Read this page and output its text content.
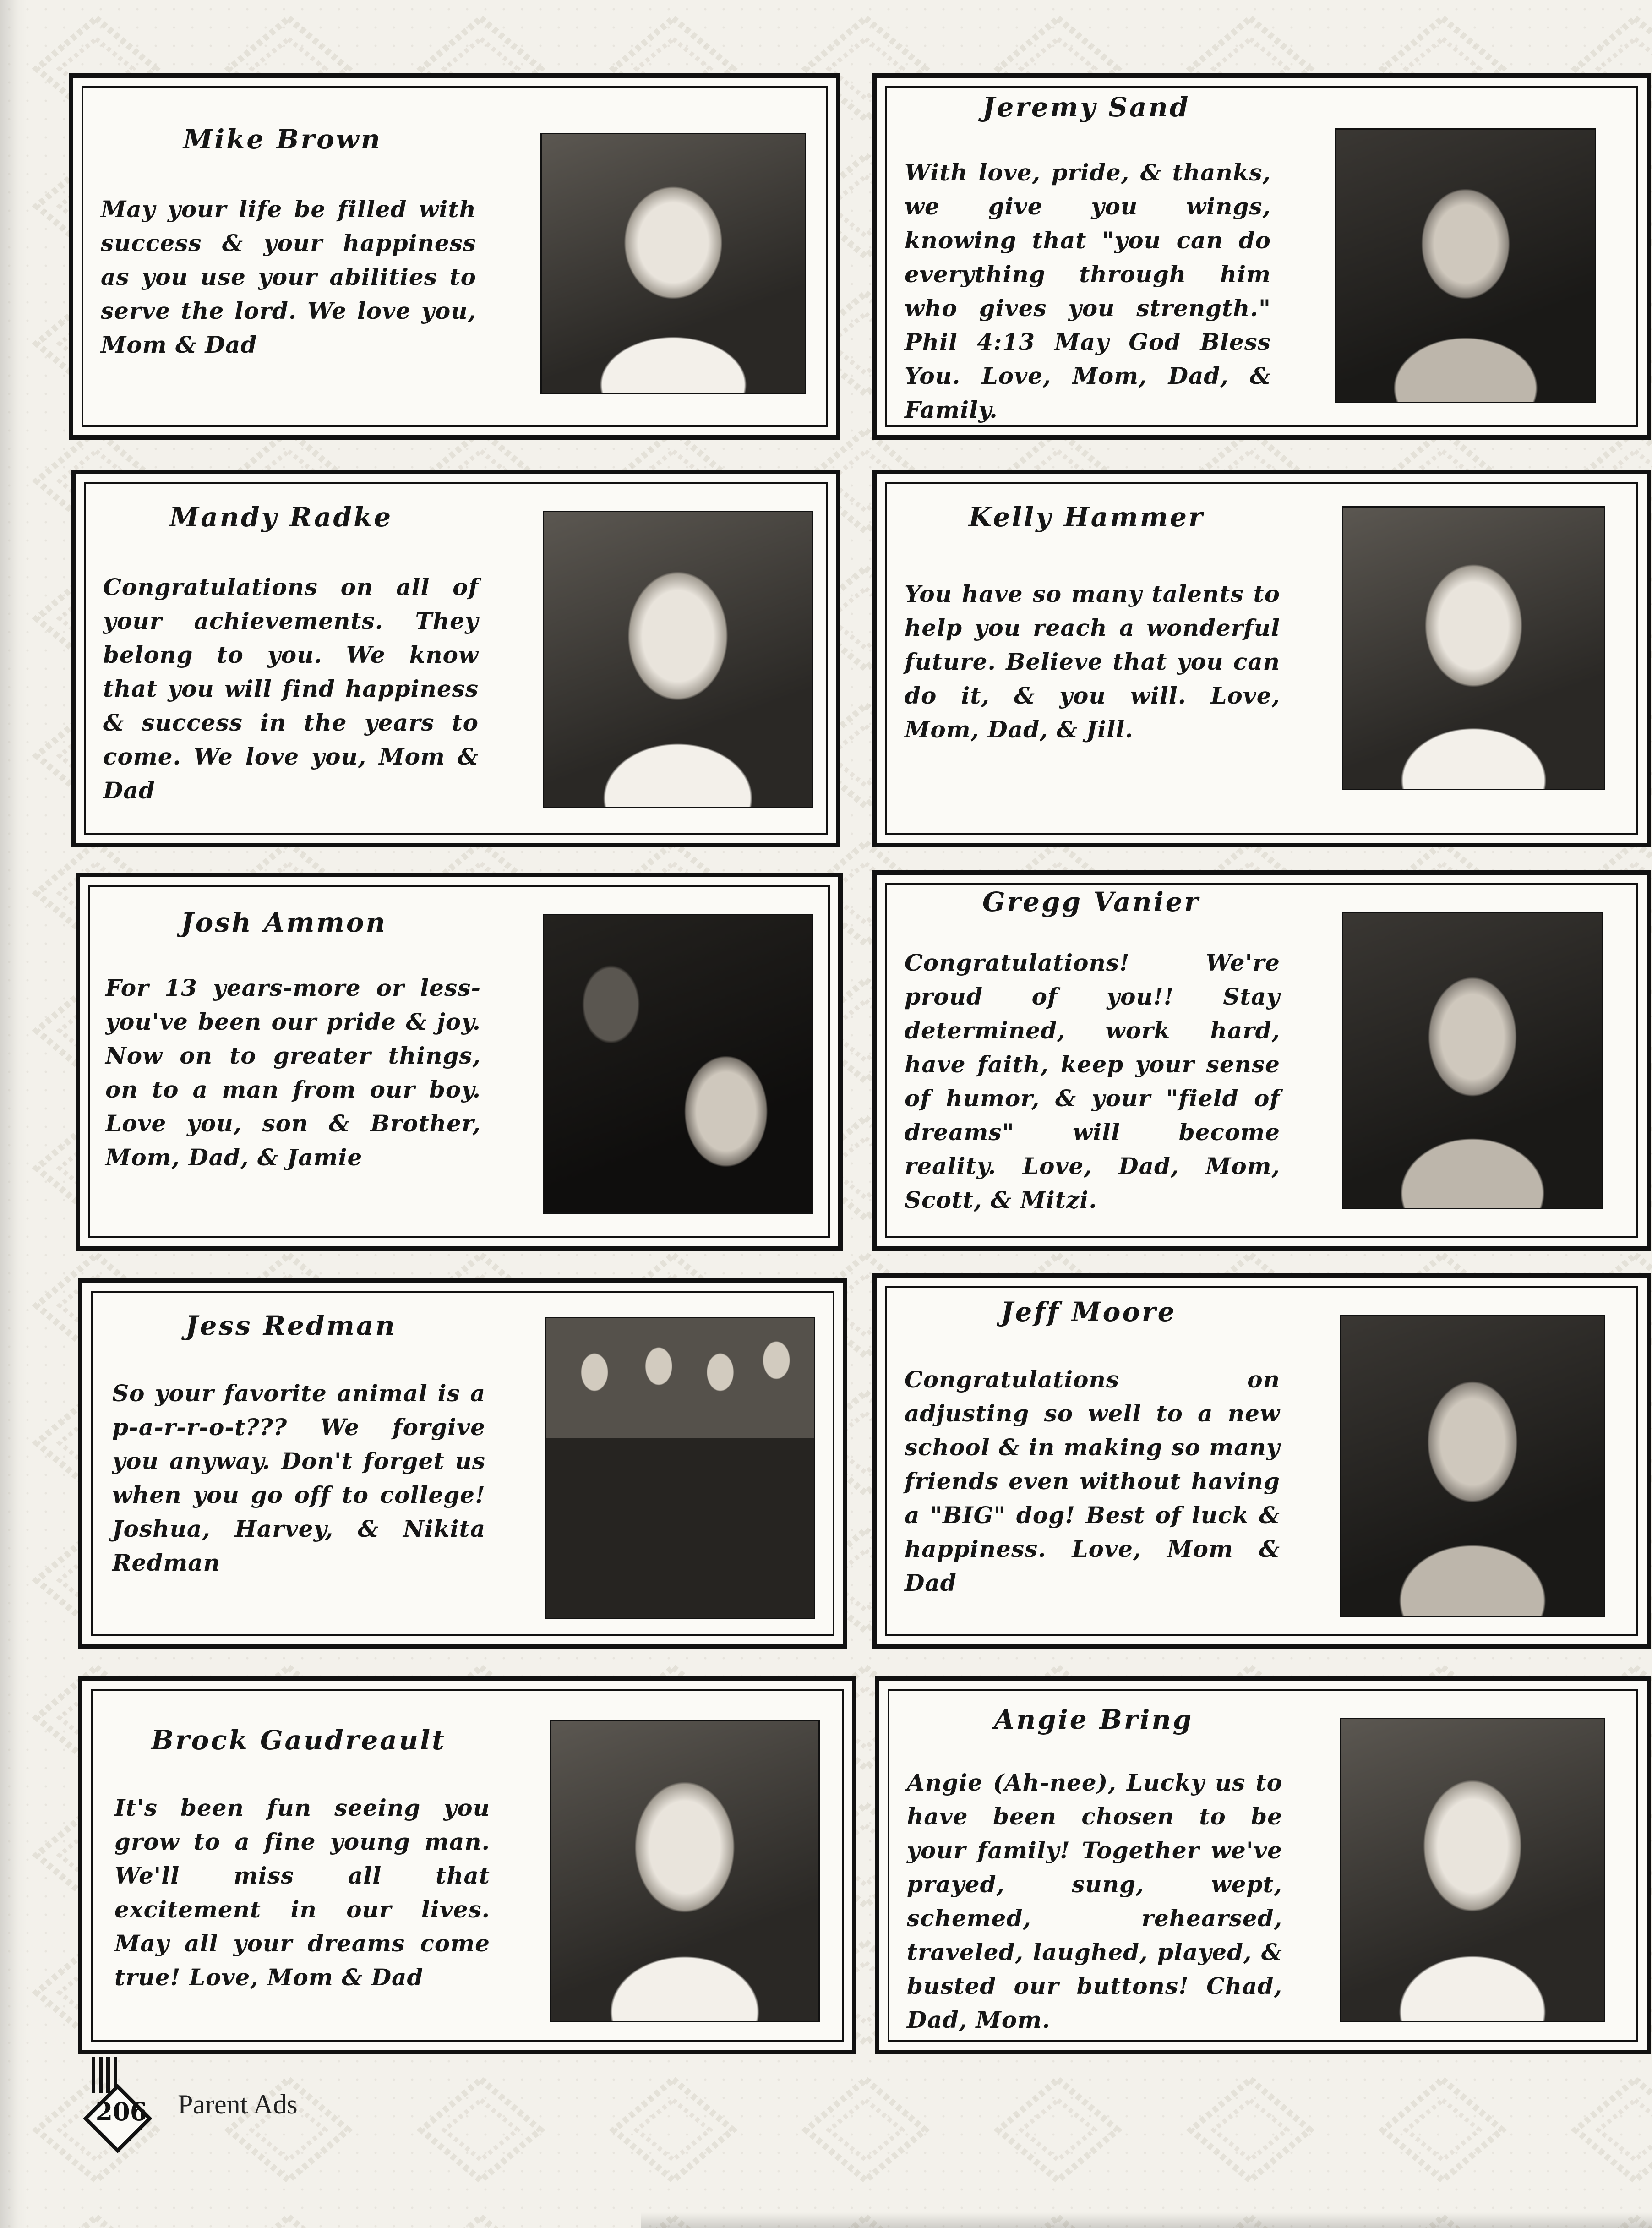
Mike Brown
May your life be filled with success & your happiness as you use your abilities to serve the lord. We love you, Mom & Dad
Jeremy Sand
With love, pride, & thanks, we give you wings, knowing that "you can do everything through him who gives you strength." Phil 4:13 May God Bless You. Love, Mom, Dad, & Family.
Mandy Radke
Congratulations on all of your achievements. They belong to you. We know that you will find happiness & success in the years to come. We love you, Mom & Dad
Kelly Hammer
You have so many talents to help you reach a wonderful future. Believe that you can do it, & you will. Love, Mom, Dad, & Jill.
Josh Ammon
For 13 years-more or less-you've been our pride & joy. Now on to greater things, on to a man from our boy. Love you, son & Brother, Mom, Dad, & Jamie
Gregg Vanier
Congratulations! We're proud of you!! Stay determined, work hard, have faith, keep your sense of humor, & your "field of dreams" will become reality. Love, Dad, Mom, Scott, & Mitzi.
Jess Redman
So your favorite animal is a p-a-r-r-o-t??? We forgive you anyway. Don't forget us when you go off to college! Joshua, Harvey, & Nikita Redman
Jeff Moore
Congratulations on adjusting so well to a new school & in making so many friends even without having a "BIG" dog! Best of luck & happiness. Love, Mom & Dad
Brock Gaudreault
It's been fun seeing you grow to a fine young man. We'll miss all that excitement in our lives. May all your dreams come true! Love, Mom & Dad
Angie Bring
Angie (Ah-nee), Lucky us to have been chosen to be your family! Together we've prayed, sung, wept, schemed, rehearsed, traveled, laughed, played, & busted our buttons! Chad, Dad, Mom.
206 Parent Ads
